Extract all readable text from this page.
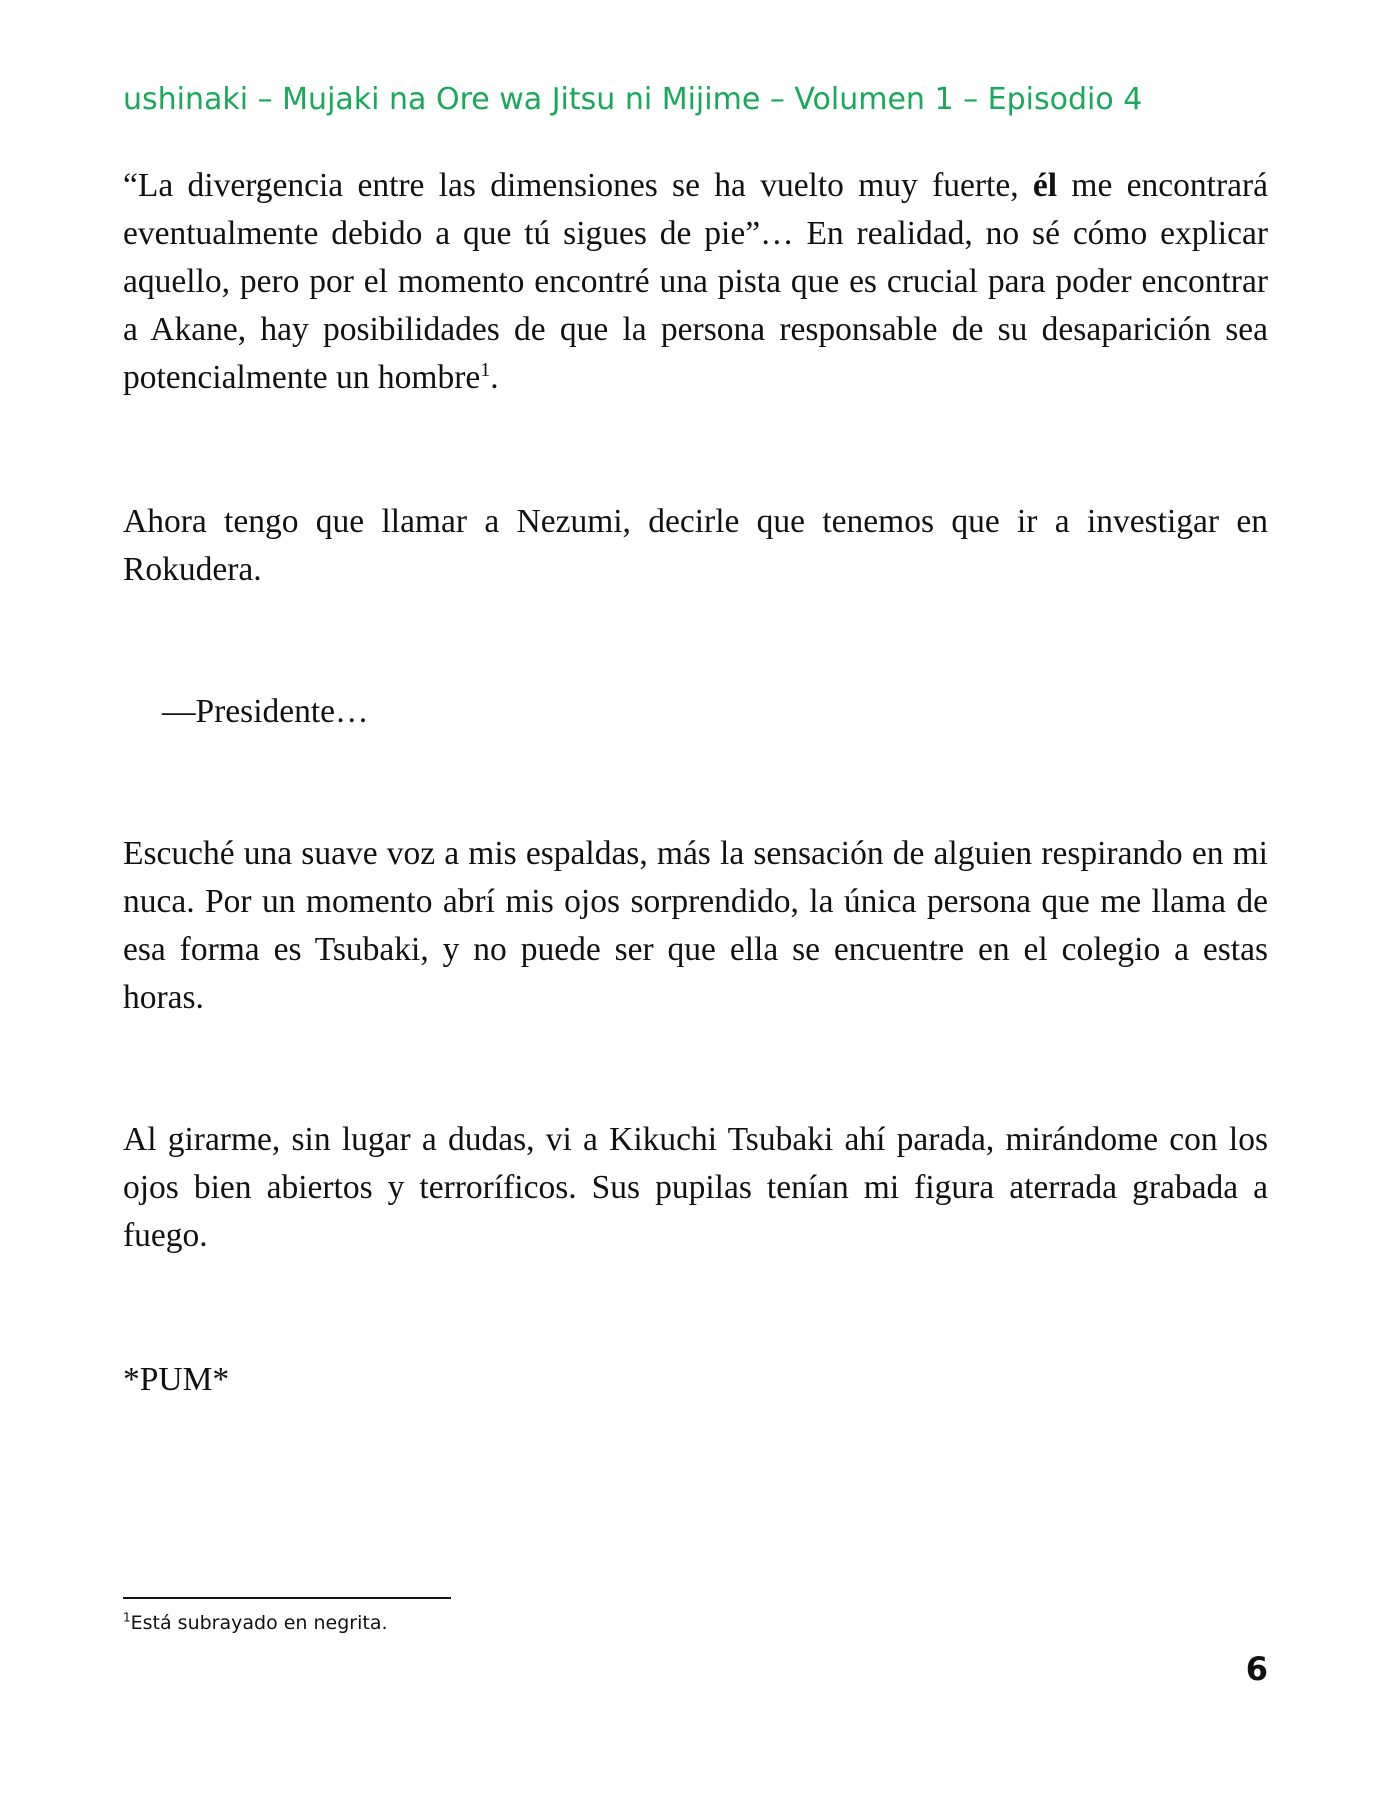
ushinaki – Mujaki na Ore wa Jitsu ni Mijime – Volumen 1 – Episodio 4

“La divergencia entre las dimensiones se ha vuelto muy fuerte, él me encontrará eventualmente debido a que tú sigues de pie”… En realidad, no sé cómo explicar aquello, pero por el momento encontré una pista que es crucial para poder encontrar a Akane, hay posibilidades de que la persona responsable de su desaparición sea potencialmente un hombre$^1$.

Ahora tengo que llamar a Nezumi, decirle que tenemos que ir a investigar en Rokudera.

—Presidente…

Escuché una suave voz a mis espaldas, más la sensación de alguien respirando en mi nuca. Por un momento abrí mis ojos sorprendido, la única persona que me llama de esa forma es Tsubaki, y no puede ser que ella se encuentre en el colegio a estas horas.

Al girarme, sin lugar a dudas, vi a Kikuchi Tsubaki ahí parada, mirándome con los ojos bien abiertos y terroríficos. Sus pupilas tenían mi figura aterrada grabada a fuego.

*PUM*

$^1$Está subrayado en negrita.
6
